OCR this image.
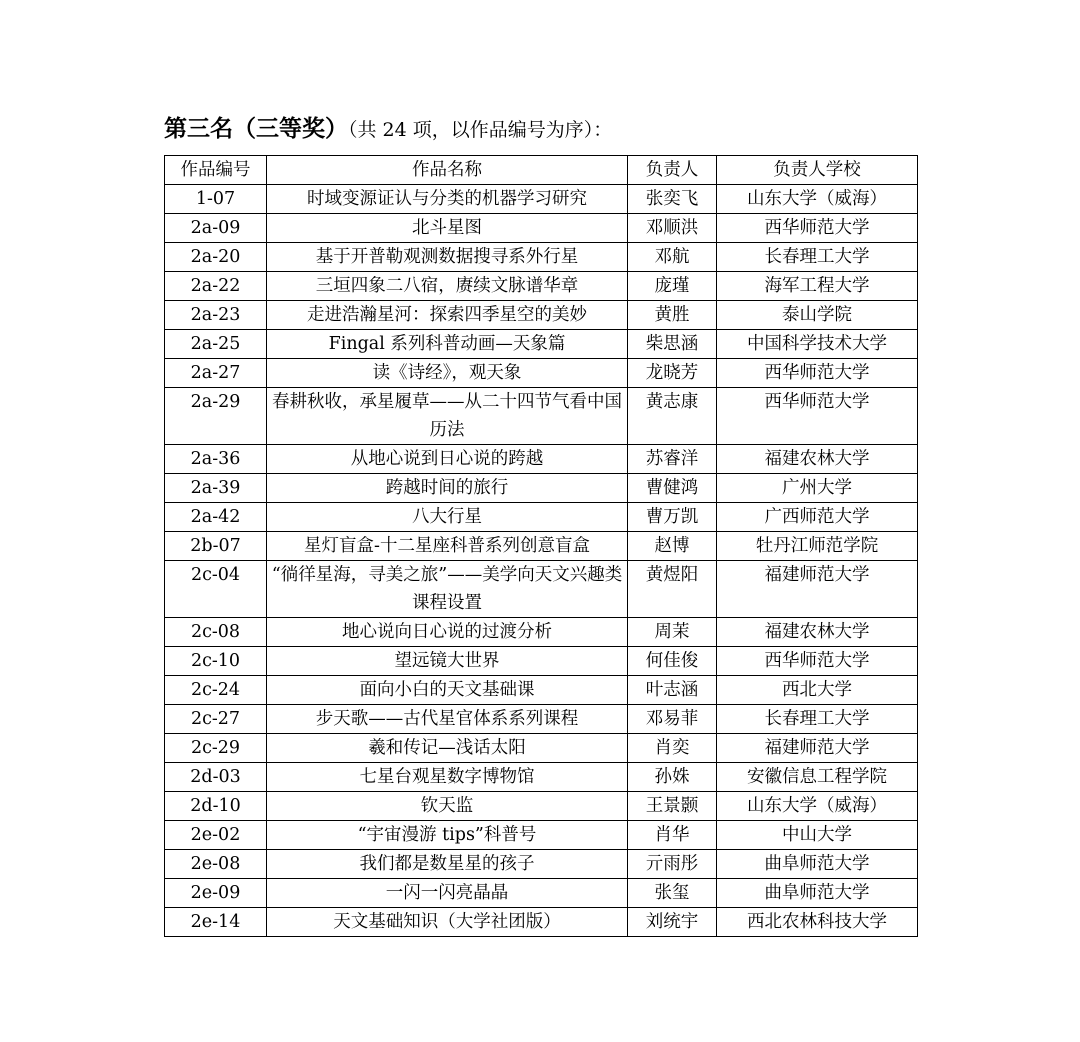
第三名（三等奖）（共 24 项，以作品编号为序）：
作品编号	作品名称	负责人	负责人学校
1-07	时域变源证认与分类的机器学习研究	张奕飞	山东大学（威海）
2a-09	北斗星图	邓顺洪	西华师范大学
2a-20	基于开普勒观测数据搜寻系外行星	邓航	长春理工大学
2a-22	三垣四象二八宿，赓续文脉谱华章	庞瑾	海军工程大学
2a-23	走进浩瀚星河：探索四季星空的美妙	黄胜	泰山学院
2a-25	Fingal 系列科普动画—天象篇	柴思涵	中国科学技术大学
2a-27	读《诗经》，观天象	龙晓芳	西华师范大学
2a-29	春耕秋收，承星履草——从二十四节气看中国历法	黄志康	西华师范大学
2a-36	从地心说到日心说的跨越	苏睿洋	福建农林大学
2a-39	跨越时间的旅行	曹健鸿	广州大学
2a-42	八大行星	曹万凯	广西师范大学
2b-07	星灯盲盒-十二星座科普系列创意盲盒	赵博	牡丹江师范学院
2c-04	“徜徉星海，寻美之旅”——美学向天文兴趣类课程设置	黄煜阳	福建师范大学
2c-08	地心说向日心说的过渡分析	周茉	福建农林大学
2c-10	望远镜大世界	何佳俊	西华师范大学
2c-24	面向小白的天文基础课	叶志涵	西北大学
2c-27	步天歌——古代星官体系系列课程	邓易菲	长春理工大学
2c-29	羲和传记—浅话太阳	肖奕	福建师范大学
2d-03	七星台观星数字博物馆	孙姝	安徽信息工程学院
2d-10	钦天监	王景颢	山东大学（威海）
2e-02	“宇宙漫游 tips”科普号	肖华	中山大学
2e-08	我们都是数星星的孩子	亓雨彤	曲阜师范大学
2e-09	一闪一闪亮晶晶	张玺	曲阜师范大学
2e-14	天文基础知识（大学社团版）	刘统宇	西北农林科技大学
